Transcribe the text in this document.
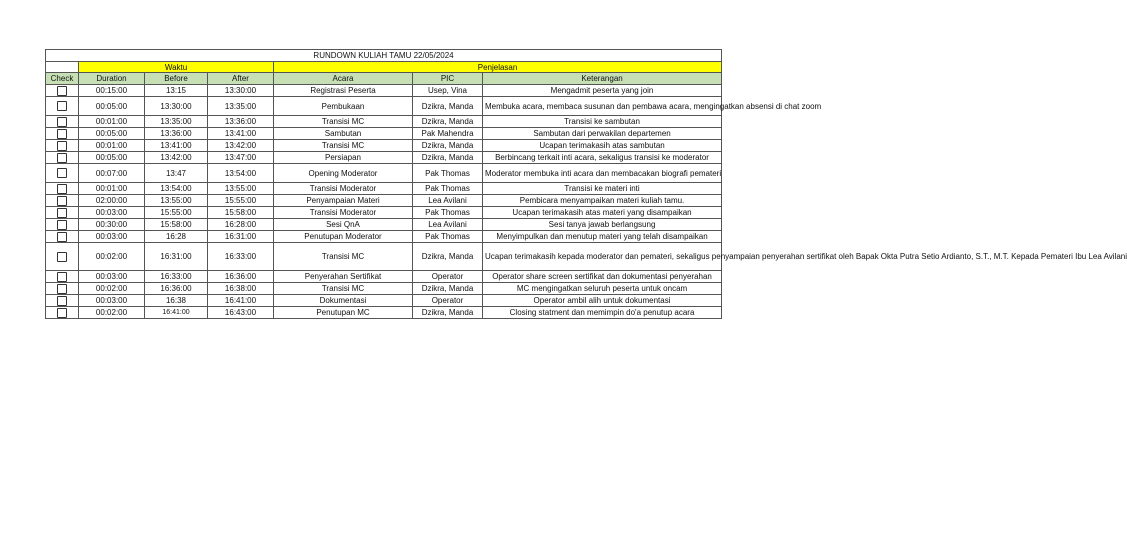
RUNDOWN KULIAH TAMU 22/05/2024						
	Waktu			Penjelasan		
Check	Duration	Before	After	Acara	PIC	Keterangan
	00:15:00	13:15	13:30:00	Registrasi Peserta	Usep, Vina	Mengadmit peserta yang join
	00:05:00	13:30:00	13:35:00	Pembukaan	Dzikra, Manda	Membuka acara, membaca susunan dan pembawa acara, mengingatkan absensi di chat zoom
	00:01:00	13:35:00	13:36:00	Transisi MC	Dzikra, Manda	Transisi ke sambutan
	00:05:00	13:36:00	13:41:00	Sambutan	Pak Mahendra	Sambutan dari perwakilan departemen
	00:01:00	13:41:00	13:42:00	Transisi MC	Dzikra, Manda	Ucapan terimakasih atas sambutan
	00:05:00	13:42:00	13:47:00	Persiapan	Dzikra, Manda	Berbincang terkait inti acara, sekaligus transisi ke moderator
	00:07:00	13:47	13:54:00	Opening Moderator	Pak Thomas	Moderator membuka inti acara dan membacakan biografi pemateri
	00:01:00	13:54:00	13:55:00	Transisi Moderator	Pak Thomas	Transisi ke materi inti
	02:00:00	13:55:00	15:55:00	Penyampaian Materi	Lea Avilani	Pembicara menyampaikan materi kuliah tamu.
	00:03:00	15:55:00	15:58:00	Transisi Moderator	Pak Thomas	Ucapan terimakasih atas materi yang disampaikan
	00:30:00	15:58:00	16:28:00	Sesi QnA	Lea Avilani	Sesi tanya jawab berlangsung
	00:03:00	16:28	16:31:00	Penutupan Moderator	Pak Thomas	Menyimpulkan dan menutup materi yang telah disampaikan
	00:02:00	16:31:00	16:33:00	Transisi MC	Dzikra, Manda	Ucapan terimakasih kepada moderator dan pemateri, sekaligus penyampaian penyerahan sertifikat oleh Bapak Okta Putra Setio Ardianto, S.T., M.T. Kepada Pemateri Ibu Lea Avilani
	00:03:00	16:33:00	16:36:00	Penyerahan Sertifikat	Operator	Operator share screen sertifikat dan dokumentasi penyerahan
	00:02:00	16:36:00	16:38:00	Transisi MC	Dzikra, Manda	MC mengingatkan seluruh peserta untuk oncam
	00:03:00	16:38	16:41:00	Dokumentasi	Operator	Operator ambil alih untuk dokumentasi
	00:02:00	16:41:00	16:43:00	Penutupan MC	Dzikra, Manda	Closing statment dan memimpin do'a penutup acara
